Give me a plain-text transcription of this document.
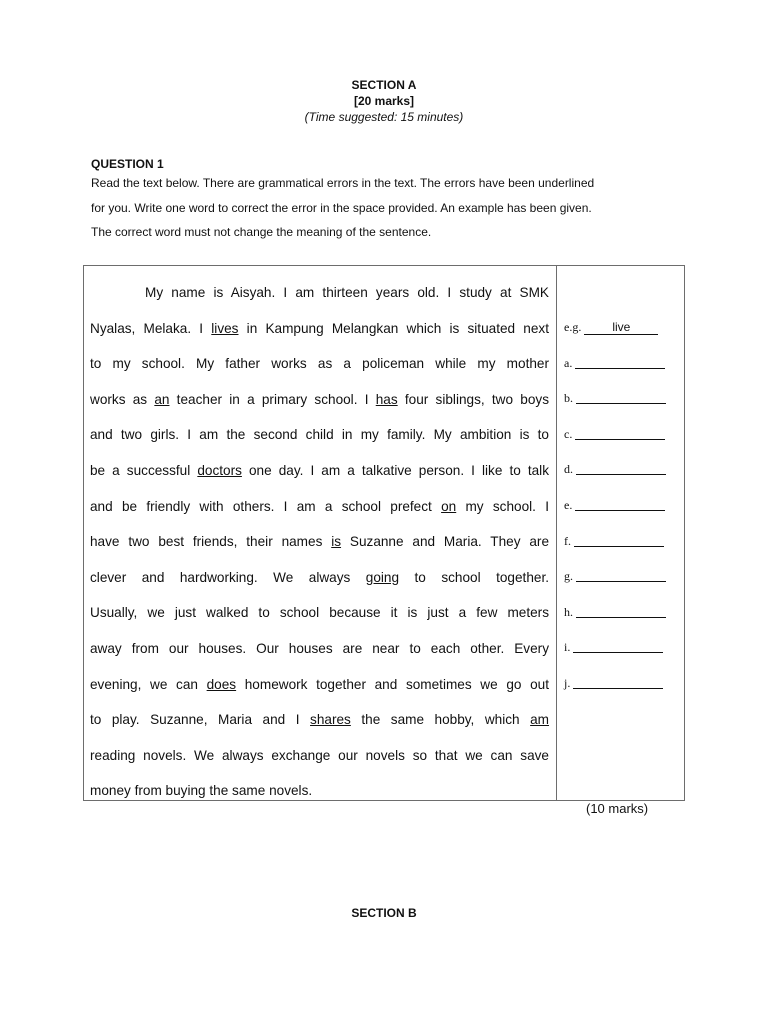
SECTION A
[20 marks]
(Time suggested: 15 minutes)
QUESTION 1
Read the text below. There are grammatical errors in the text. The errors have been underlined
for you. Write one word to correct the error in the space provided. An example has been given.
The correct word must not change the meaning of the sentence.
My name is Aisyah. I am thirteen years old. I study at SMK
Nyalas, Melaka. I lives in Kampung Melangkan which is situated next
to my school. My father works as a policeman while my mother
works as an teacher in a primary school. I has four siblings, two boys
and two girls. I am the second child in my family. My ambition is to
be a successful doctors one day. I am a talkative person. I like to talk
and be friendly with others. I am a school prefect on my school. I
have two best friends, their names is Suzanne and Maria. They are
clever and hardworking. We always going to school together.
Usually, we just walked to school because it is just a few meters
away from our houses. Our houses are near to each other. Every
evening, we can does homework together and sometimes we go out
to play. Suzanne, Maria and I shares the same hobby, which am
reading novels. We always exchange our novels so that we can save
money from buying the same novels.
e.g.	live
a.
b.
c.
d.
e.
f.
g.
h.
i.
j.
(10 marks)
SECTION B
